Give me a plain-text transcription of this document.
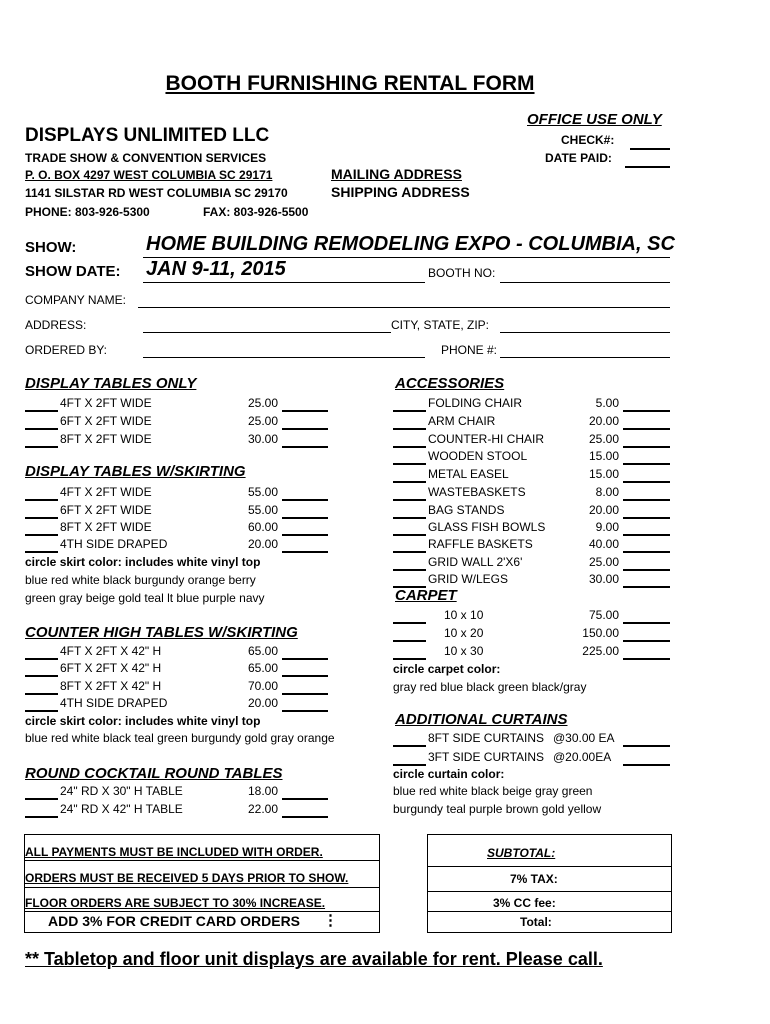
BOOTH FURNISHING RENTAL FORM
OFFICE USE ONLY
CHECK#:
DATE PAID:
DISPLAYS UNLIMITED LLC
TRADE SHOW & CONVENTION SERVICES
P. O. BOX 4297 WEST COLUMBIA SC 29171
1141 SILSTAR RD WEST COLUMBIA SC 29170
PHONE: 803-926-5300	FAX: 803-926-5500
MAILING ADDRESS
SHIPPING ADDRESS
SHOW:	HOME BUILDING REMODELING EXPO - COLUMBIA, SC
SHOW DATE: JAN 9-11, 2015	BOOTH NO:
COMPANY NAME:
ADDRESS:	CITY, STATE, ZIP:
ORDERED BY:	PHONE #:
DISPLAY TABLES ONLY
4FT X 2FT WIDE	25.00
6FT X 2FT WIDE	25.00
8FT X 2FT WIDE	30.00
DISPLAY TABLES W/SKIRTING
4FT X 2FT WIDE	55.00
6FT X 2FT WIDE	55.00
8FT X 2FT WIDE	60.00
4TH SIDE DRAPED	20.00
circle skirt color: includes white vinyl top
blue red white black burgundy orange berry
green gray beige gold teal lt blue purple navy
COUNTER HIGH TABLES W/SKIRTING
4FT X 2FT X 42" H	65.00
6FT X 2FT X 42" H	65.00
8FT X 2FT X 42" H	70.00
4TH SIDE DRAPED	20.00
circle skirt color: includes white vinyl top
blue red white black teal green burgundy gold gray orange
ROUND COCKTAIL ROUND TABLES
24" RD X 30" H TABLE	18.00
24" RD X 42" H TABLE	22.00
ACCESSORIES
FOLDING CHAIR	5.00
ARM CHAIR	20.00
COUNTER-HI CHAIR	25.00
WOODEN STOOL	15.00
METAL EASEL	15.00
WASTEBASKETS	8.00
BAG STANDS	20.00
GLASS FISH BOWLS	9.00
RAFFLE BASKETS	40.00
GRID WALL 2'X6'	25.00
GRID W/LEGS	30.00
CARPET
10 x 10	75.00
10 x 20	150.00
10 x 30	225.00
circle carpet color:
gray red blue black green black/gray
ADDITIONAL CURTAINS
8FT SIDE CURTAINS @30.00 EA
3FT SIDE CURTAINS @20.00EA
circle curtain color:
blue red white black beige gray green
burgundy teal purple brown gold yellow
ALL PAYMENTS MUST BE INCLUDED WITH ORDER.
ORDERS MUST BE RECEIVED 5 DAYS PRIOR TO SHOW.
FLOOR ORDERS ARE SUBJECT TO 30% INCREASE.
ADD 3% FOR CREDIT CARD ORDERS ⋮
SUBTOTAL:
7% TAX:
3% CC fee:
Total:
** Tabletop and floor unit displays are available for rent. Please call.
